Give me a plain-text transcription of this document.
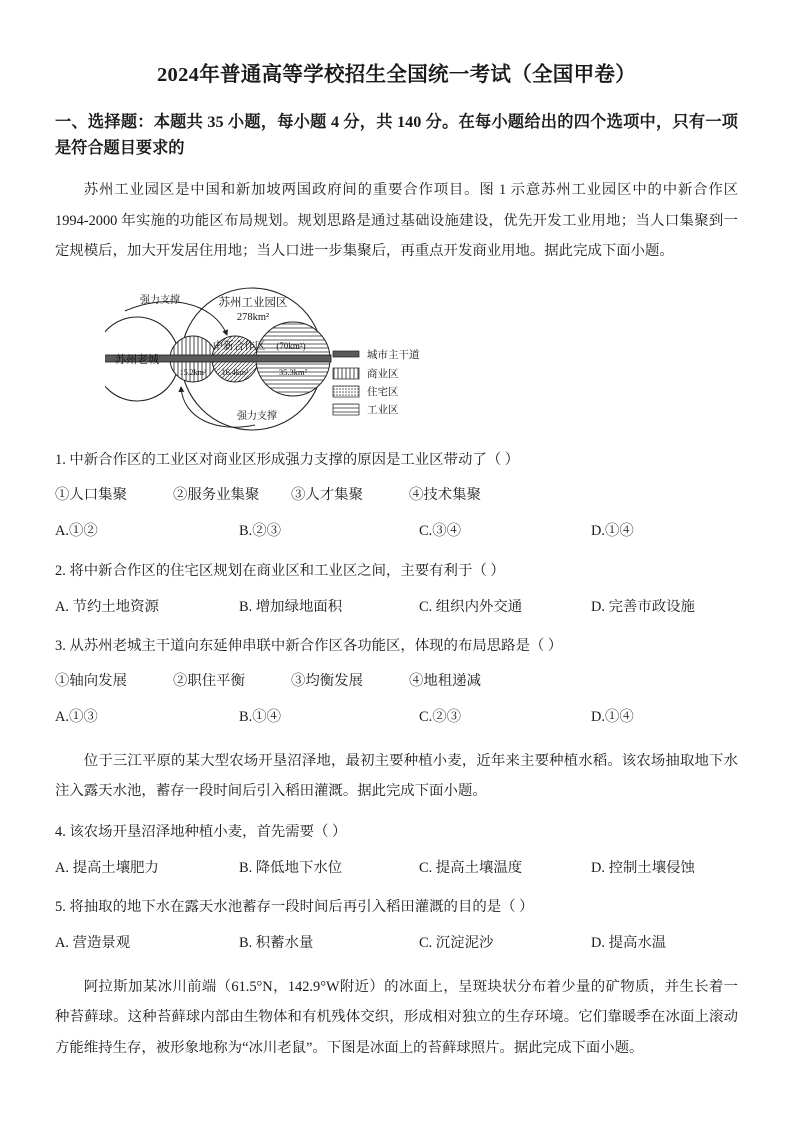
2024年普通高等学校招生全国统一考试（全国甲卷）
一、选择题：本题共 35 小题，每小题 4 分，共 140 分。在每小题给出的四个选项中，只有一项是符合题目要求的
苏州工业园区是中国和新加坡两国政府间的重要合作项目。图 1 示意苏州工业园区中的中新合作区 1994-2000 年实施的功能区布局规划。规划思路是通过基础设施建设，优先开发工业用地；当人口集聚到一定规模后，加大开发居住用地；当人口进一步集聚后，再重点开发商业用地。据此完成下面小题。
苏州老城
苏州工业园区
278km²
中新合作区 (70km²)
15.2km² 16.4km²	35.3km²
强力支撑
强力支撑
城市主干道
商业区
住宅区
工业区
1. 中新合作区的工业区对商业区形成强力支撑的原因是工业区带动了（ ）
①人口集聚	②服务业集聚	③人才集聚	④技术集聚
A.①②	B.②③	C.③④	D.①④
2. 将中新合作区的住宅区规划在商业区和工业区之间，主要有利于（ ）
A. 节约土地资源	B. 增加绿地面积	C. 组织内外交通	D. 完善市政设施
3. 从苏州老城主干道向东延伸串联中新合作区各功能区，体现的布局思路是（ ）
①轴向发展	②职住平衡	③均衡发展	④地租递减
A.①③	B.①④	C.②③	D.①④
位于三江平原的某大型农场开垦沼泽地，最初主要种植小麦，近年来主要种植水稻。该农场抽取地下水注入露天水池，蓄存一段时间后引入稻田灌溉。据此完成下面小题。
4. 该农场开垦沼泽地种植小麦，首先需要（ ）
A. 提高土壤肥力	B. 降低地下水位	C. 提高土壤温度	D. 控制土壤侵蚀
5. 将抽取的地下水在露天水池蓄存一段时间后再引入稻田灌溉的目的是（ ）
A. 营造景观	B. 积蓄水量	C. 沉淀泥沙	D. 提高水温
阿拉斯加某冰川前端（61.5°N，142.9°W附近）的冰面上，呈斑块状分布着少量的矿物质，并生长着一种苔藓球。这种苔藓球内部由生物体和有机残体交织，形成相对独立的生存环境。它们靠暖季在冰面上滚动方能维持生存，被形象地称为“冰川老鼠”。下图是冰面上的苔藓球照片。据此完成下面小题。
